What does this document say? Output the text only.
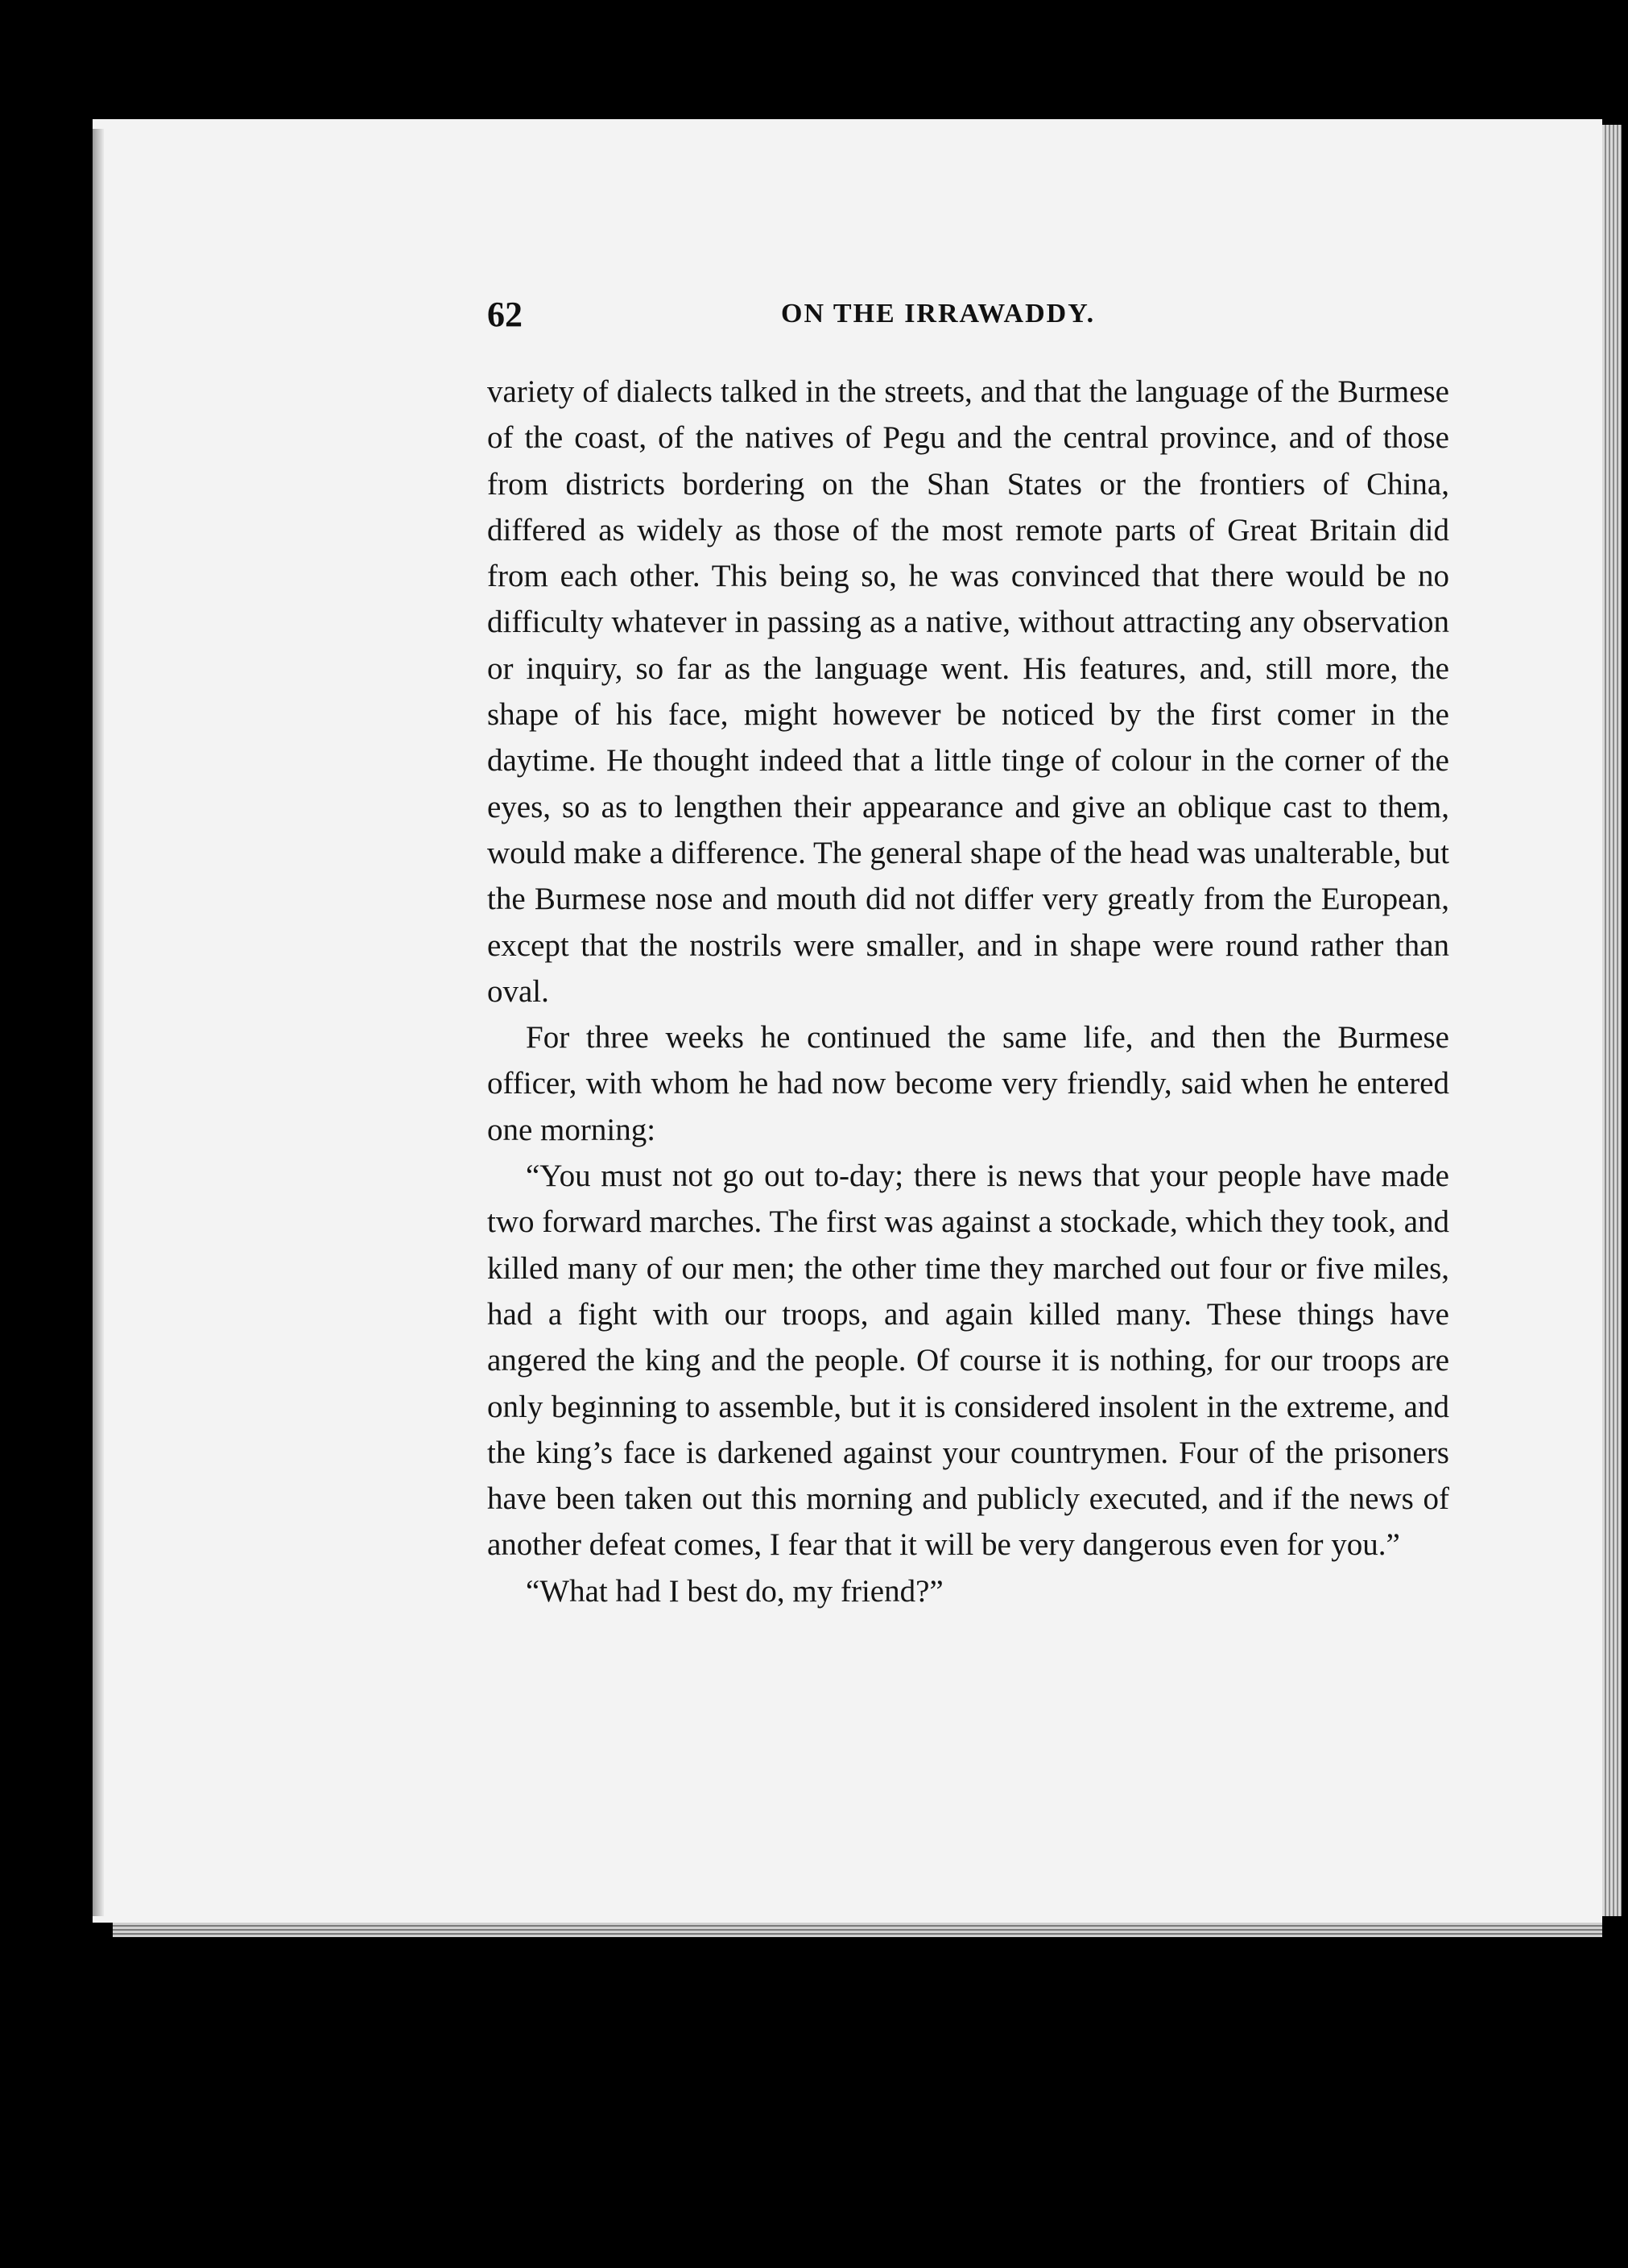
62	ON THE IRRAWADDY.

variety of dialects talked in the streets, and that the language of the Burmese of the coast, of the natives of Pegu and the central province, and of those from districts bordering on the Shan States or the frontiers of China, differed as widely as those of the most remote parts of Great Britain did from each other. This being so, he was convinced that there would be no difficulty whatever in passing as a native, without attracting any observation or inquiry, so far as the language went. His features, and, still more, the shape of his face, might however be noticed by the first comer in the daytime. He thought indeed that a little tinge of colour in the corner of the eyes, so as to lengthen their appearance and give an oblique cast to them, would make a difference. The general shape of the head was unalterable, but the Burmese nose and mouth did not differ very greatly from the European, except that the nostrils were smaller, and in shape were round rather than oval.

For three weeks he continued the same life, and then the Burmese officer, with whom he had now become very friendly, said when he entered one morning:

“You must not go out to-day; there is news that your people have made two forward marches. The first was against a stockade, which they took, and killed many of our men; the other time they marched out four or five miles, had a fight with our troops, and again killed many. These things have angered the king and the people. Of course it is nothing, for our troops are only beginning to assemble, but it is considered insolent in the extreme, and the king’s face is darkened against your countrymen. Four of the prisoners have been taken out this morning and publicly executed, and if the news of another defeat comes, I fear that it will be very dangerous even for you.”

“What had I best do, my friend?”
